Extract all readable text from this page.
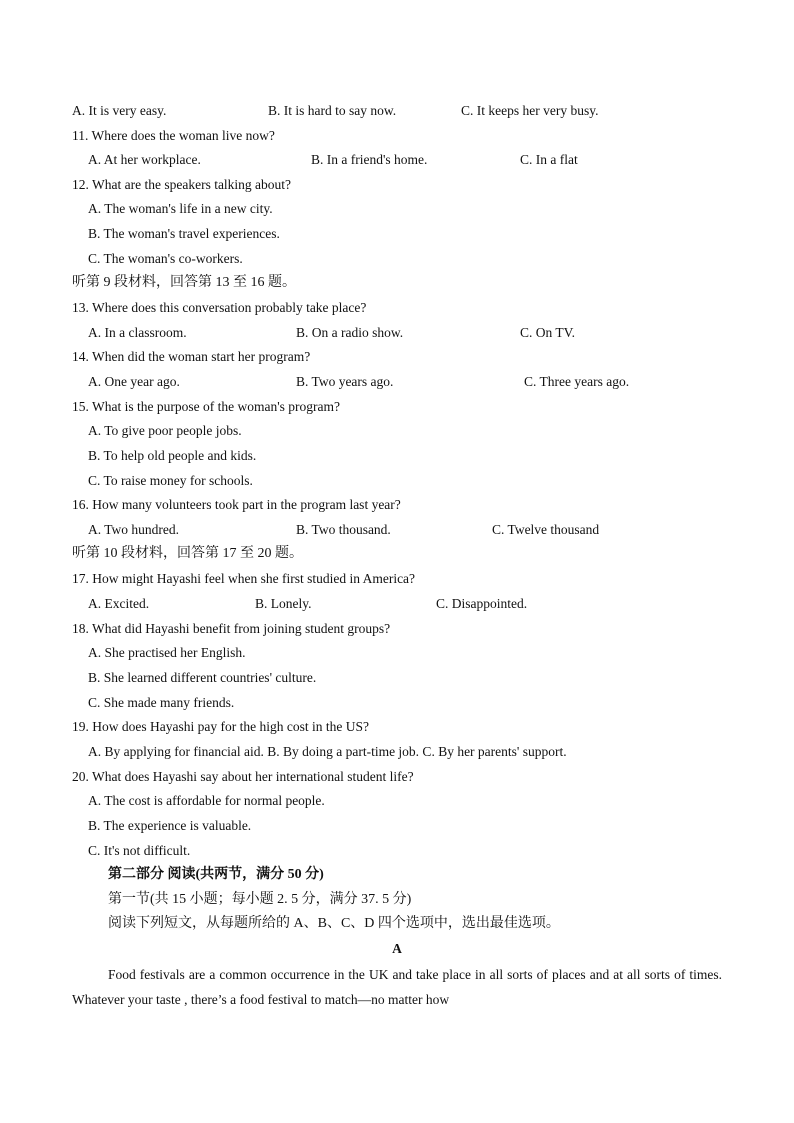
A. It is very easy.	B. It is hard to say now.	C. It keeps her very busy.
11. Where does the woman live now?
A. At her workplace.	B. In a friend's home.	C. In a flat
12. What are the speakers talking about?
A. The woman's life in a new city.
B. The woman's travel experiences.
C. The woman's co-workers.
听第 9 段材料，回答第 13 至 16 题。
13. Where does this conversation probably take place?
A. In a classroom.	B. On a radio show.	C. On TV.
14. When did the woman start her program?
A. One year ago.	B. Two years ago.	C. Three years ago.
15. What is the purpose of the woman's program?
A. To give poor people jobs.
B. To help old people and kids.
C. To raise money for schools.
16. How many volunteers took part in the program last year?
A. Two hundred.	B. Two thousand.	C. Twelve thousand
听第 10 段材料，回答第 17 至 20 题。
17. How might Hayashi feel when she first studied in America?
A. Excited.	B. Lonely.	C. Disappointed.
18. What did Hayashi benefit from joining student groups?
A. She practised her English.
B. She learned different countries' culture.
C. She made many friends.
19. How does Hayashi pay for the high cost in the US?
A. By applying for financial aid. B. By doing a part-time job. C. By her parents' support.
20. What does Hayashi say about her international student life?
A. The cost is affordable for normal people.
B. The experience is valuable.
C. It's not difficult.
第二部分 阅读(共两节，满分 50 分)
第一节(共 15 小题；每小题 2. 5 分，满分 37. 5 分)
阅读下列短文，从每题所给的 A、B、C、D 四个选项中，选出最佳选项。
A
Food festivals are a common occurrence in the UK and take place in all sorts of places and at all sorts of times. Whatever your taste , there’s a food festival to match—no matter how
